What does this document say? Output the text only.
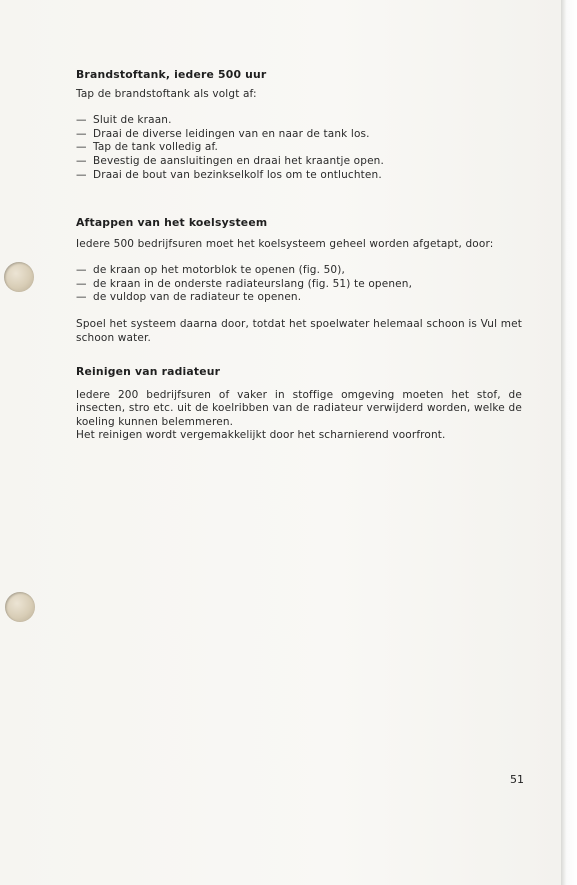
Brandstoftank, iedere 500 uur

Tap de brandstoftank als volgt af:

— Sluit de kraan.
— Draai de diverse leidingen van en naar de tank los.
— Tap de tank volledig af.
— Bevestig de aansluitingen en draai het kraantje open.
— Draai de bout van bezinkselkolf los om te ontluchten.
Aftappen van het koelsysteem

Iedere 500 bedrijfsuren moet het koelsysteem geheel worden afgetapt, door:

— de kraan op het motorblok te openen (fig. 50),
— de kraan in de onderste radiateurslang (fig. 51) te openen,
— de vuldop van de radiateur te openen.

Spoel het systeem daarna door, totdat het spoelwater helemaal schoon is Vul met schoon water.

Reinigen van radiateur

Iedere 200 bedrijfsuren of vaker in stoffige omgeving moeten het stof, de insecten, stro etc. uit de koelribben van de radiateur verwijderd worden, welke de koeling kunnen belemmeren.

Het reinigen wordt vergemakkelijkt door het scharnierend voorfront.

51
